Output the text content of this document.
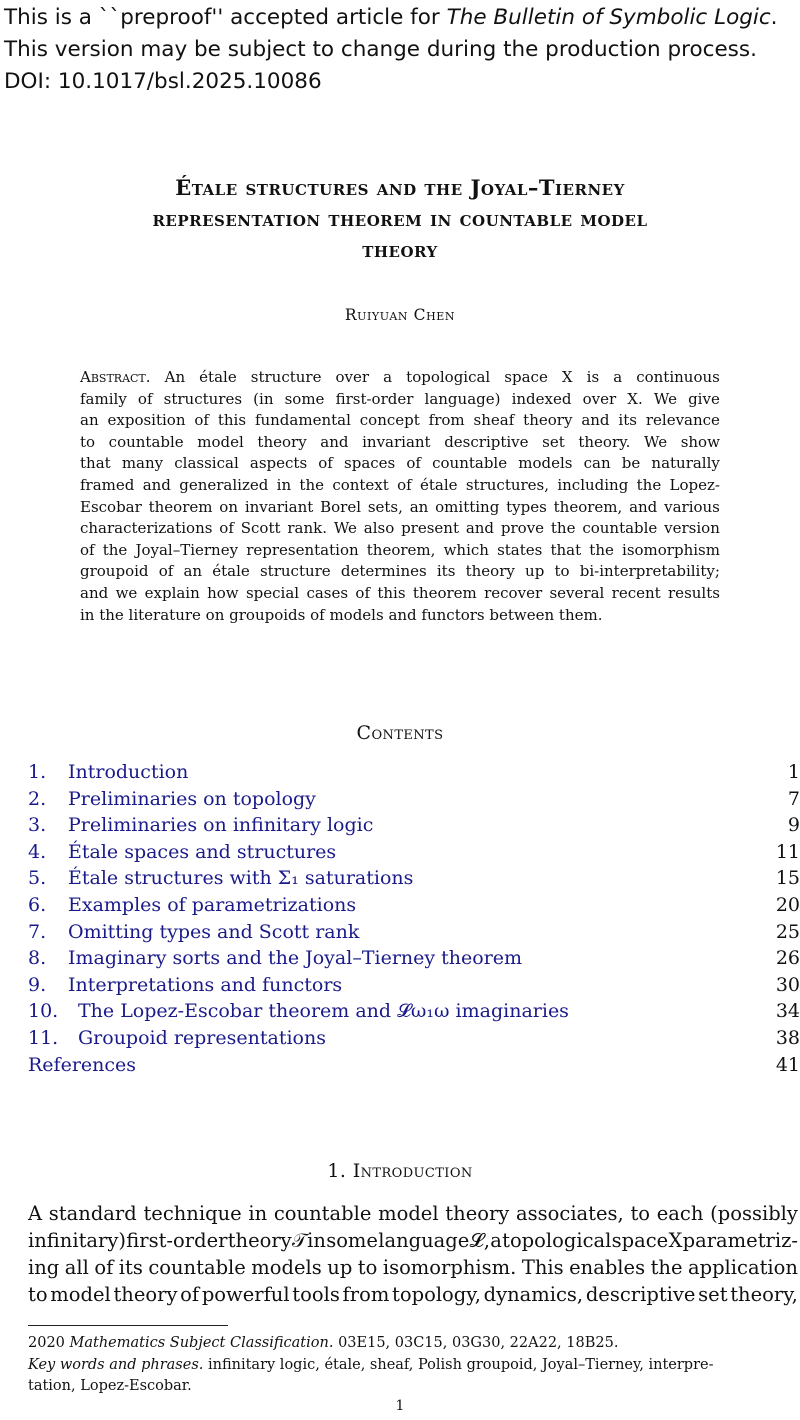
This is a ``preproof'' accepted article for The Bulletin of Symbolic Logic.
This version may be subject to change during the production process.
DOI: 10.1017/bsl.2025.10086
Étale structures and the Joyal–Tierney
representation theorem in countable model
theory
Ruiyuan Chen
Abstract. An étale structure over a topological space X is a continuous
family of structures (in some first-order language) indexed over X. We give
an exposition of this fundamental concept from sheaf theory and its relevance
to countable model theory and invariant descriptive set theory. We show
that many classical aspects of spaces of countable models can be naturally
framed and generalized in the context of étale structures, including the Lopez-
Escobar theorem on invariant Borel sets, an omitting types theorem, and various
characterizations of Scott rank. We also present and prove the countable version
of the Joyal–Tierney representation theorem, which states that the isomorphism
groupoid of an étale structure determines its theory up to bi-interpretability;
and we explain how special cases of this theorem recover several recent results
in the literature on groupoids of models and functors between them.
Contents
1.	Introduction	1
2.	Preliminaries on topology	7
3.	Preliminaries on infinitary logic	9
4.	Étale spaces and structures	11
5.	Étale structures with Σ₁ saturations	15
6.	Examples of parametrizations	20
7.	Omitting types and Scott rank	25
8.	Imaginary sorts and the Joyal–Tierney theorem	26
9.	Interpretations and functors	30
10.	The Lopez-Escobar theorem and 𝓛ω₁ω imaginaries	34
11.	Groupoid representations	38
References	41
1. Introduction
A standard technique in countable model theory associates, to each (possibly
infinitary) first-order theory 𝒯 in some language 𝓛, a topological space X parametriz-
ing all of its countable models up to isomorphism. This enables the application
to model theory of powerful tools from topology, dynamics, descriptive set theory,
2020 Mathematics Subject Classification. 03E15, 03C15, 03G30, 22A22, 18B25.
Key words and phrases. infinitary logic, étale, sheaf, Polish groupoid, Joyal–Tierney, interpre-
tation, Lopez-Escobar.
1
